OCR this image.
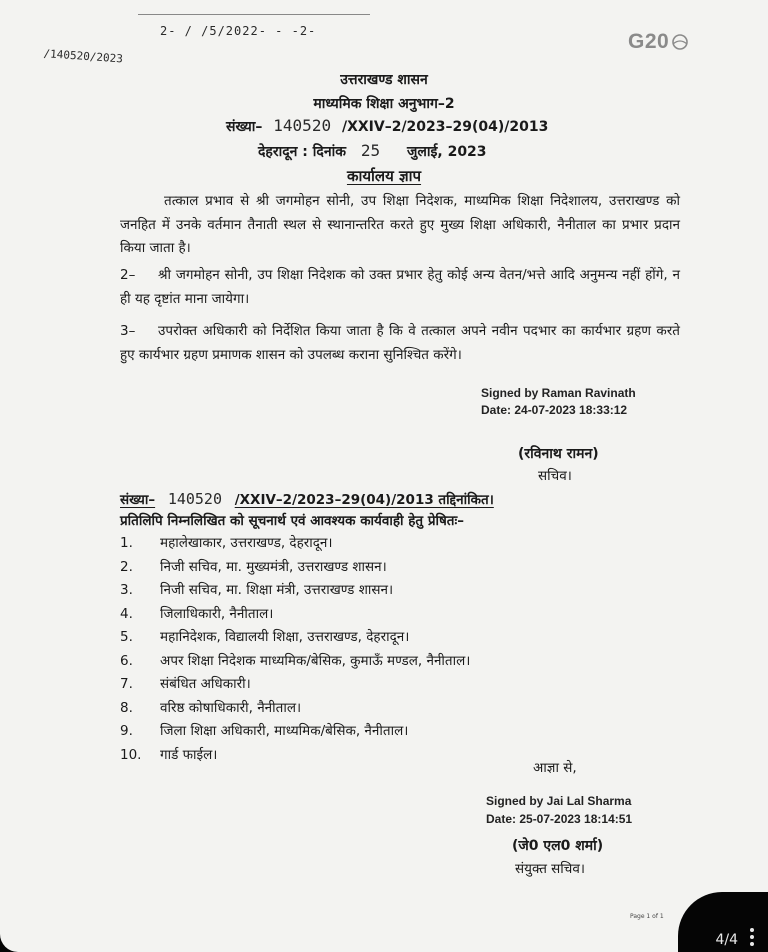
2- / /5/2022- - -2-
/140520/2023
G20
उत्तराखण्ड शासन
माध्यमिक शिक्षा अनुभाग–2
संख्या– 140520 /XXIV–2/2023–29(04)/2013
देहरादून : दिनांक 25 जुलाई, 2023
कार्यालय ज्ञाप
तत्काल प्रभाव से श्री जगमोहन सोनी, उप शिक्षा निदेशक, माध्यमिक शिक्षा निदेशालय, उत्तराखण्ड को जनहित में उनके वर्तमान तैनाती स्थल से स्थानान्तरित करते हुए मुख्य शिक्षा अधिकारी, नैनीताल का प्रभार प्रदान किया जाता है।
2– श्री जगमोहन सोनी, उप शिक्षा निदेशक को उक्त प्रभार हेतु कोई अन्य वेतन/भत्ते आदि अनुमन्य नहीं होंगे, न ही यह दृष्टांत माना जायेगा।
3– उपरोक्त अधिकारी को निर्देशित किया जाता है कि वे तत्काल अपने नवीन पदभार का कार्यभार ग्रहण करते हुए कार्यभार ग्रहण प्रमाणक शासन को उपलब्ध कराना सुनिश्चित करेंगे।
Signed by Raman Ravinath
Date: 24-07-2023 18:33:12
(रविनाथ रामन)
सचिव।
संख्या– 140520 /XXIV–2/2023–29(04)/2013 तद्दिनांकित।
प्रतिलिपि निम्नलिखित को सूचनार्थ एवं आवश्यक कार्यवाही हेतु प्रेषितः–
1. महालेखाकार, उत्तराखण्ड, देहरादून।
2. निजी सचिव, मा. मुख्यमंत्री, उत्तराखण्ड शासन।
3. निजी सचिव, मा. शिक्षा मंत्री, उत्तराखण्ड शासन।
4. जिलाधिकारी, नैनीताल।
5. महानिदेशक, विद्यालयी शिक्षा, उत्तराखण्ड, देहरादून।
6. अपर शिक्षा निदेशक माध्यमिक/बेसिक, कुमाऊँ मण्डल, नैनीताल।
7. संबंधित अधिकारी।
8. वरिष्ठ कोषाधिकारी, नैनीताल।
9. जिला शिक्षा अधिकारी, माध्यमिक/बेसिक, नैनीताल।
10. गार्ड फाईल।
आज्ञा से,
Signed by Jai Lal Sharma
Date: 25-07-2023 18:14:51
(जे0 एल0 शर्मा)
संयुक्त सचिव।
Page 1 of 1
4/4
